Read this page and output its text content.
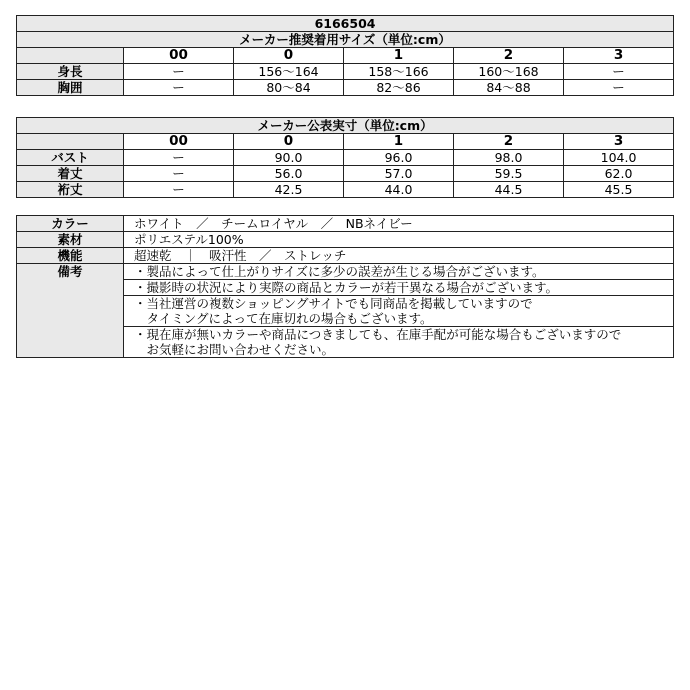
6166504					
メーカー推奨着用サイズ（単位:cm）					
	00	0	1	2	3
身長	ー	156〜164	158〜166	160〜168	ー
胸囲	ー	80〜84	82〜86	84〜88	ー
メーカー公表実寸（単位:cm）					
	00	0	1	2	3
バスト	ー	90.0	96.0	98.0	104.0
着丈	ー	56.0	57.0	59.5	62.0
裄丈	ー	42.5	44.0	44.5	45.5
カラー	ホワイト　／　チームロイヤル　／　NBネイビー
素材	ポリエステル100%
機能	超速乾　｜　吸汗性　／　ストレッチ
備考	・製品によって仕上がりサイズに多少の誤差が生じる場合がございます。
	・撮影時の状況により実際の商品とカラーが若干異なる場合がございます。

	・当社運営の複数ショッピングサイトでも同商品を掲載していますので
　タイミングによって在庫切れの場合もございます。

	・現在庫が無いカラーや商品につきましても、在庫手配が可能な場合もございますので
　お気軽にお問い合わせください。
